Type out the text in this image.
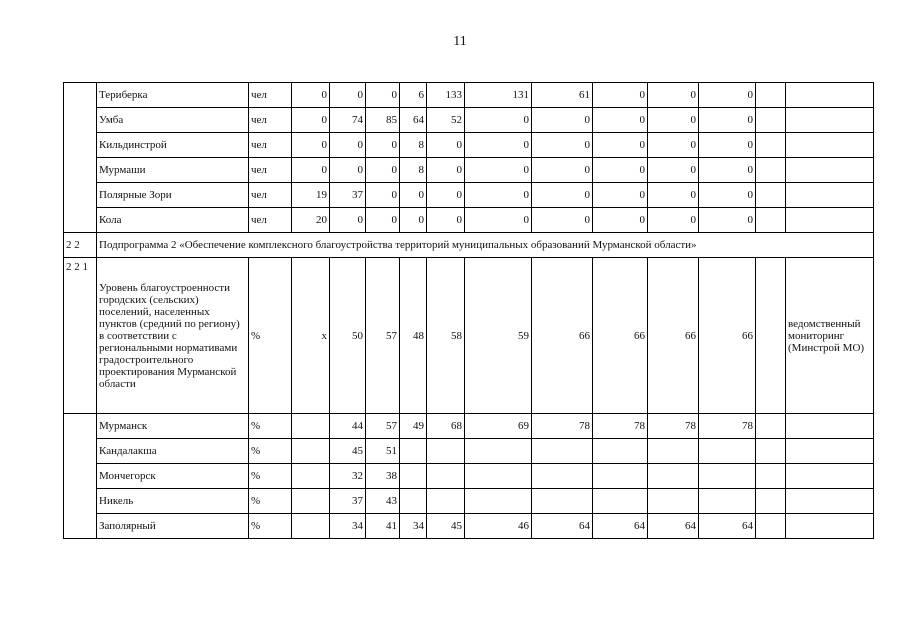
11
	Териберка	чел	0	0	0	6	133	131	61	0	0	0		
	Умба	чел	0	74	85	64	52	0	0	0	0	0		
	Кильдинстрой	чел	0	0	0	8	0	0	0	0	0	0		
	Мурмаши	чел	0	0	0	8	0	0	0	0	0	0		
	Полярные Зори	чел	19	37	0	0	0	0	0	0	0	0		
	Кола	чел	20	0	0	0	0	0	0	0	0	0		
2 2	Подпрограмма 2 «Обеспечение комплексного благоустройства территорий муниципальных образований Мурманской области»													
2 2 1	Уровень благоустроенности городских (сельских) поселений, населенных пунктов (средний по региону) в соответствии с региональными нормативами градостроительного проектирования Мурманской области	%	x	50	57	48	58	59	66	66	66	66		ведомственный мониторинг (Минстрой МО)
	Мурманск	%		44	57	49	68	69	78	78	78	78		
	Кандалакша	%		45	51									
	Мончегорск	%		32	38									
	Никель	%		37	43									
	Заполярный	%		34	41	34	45	46	64	64	64	64		
